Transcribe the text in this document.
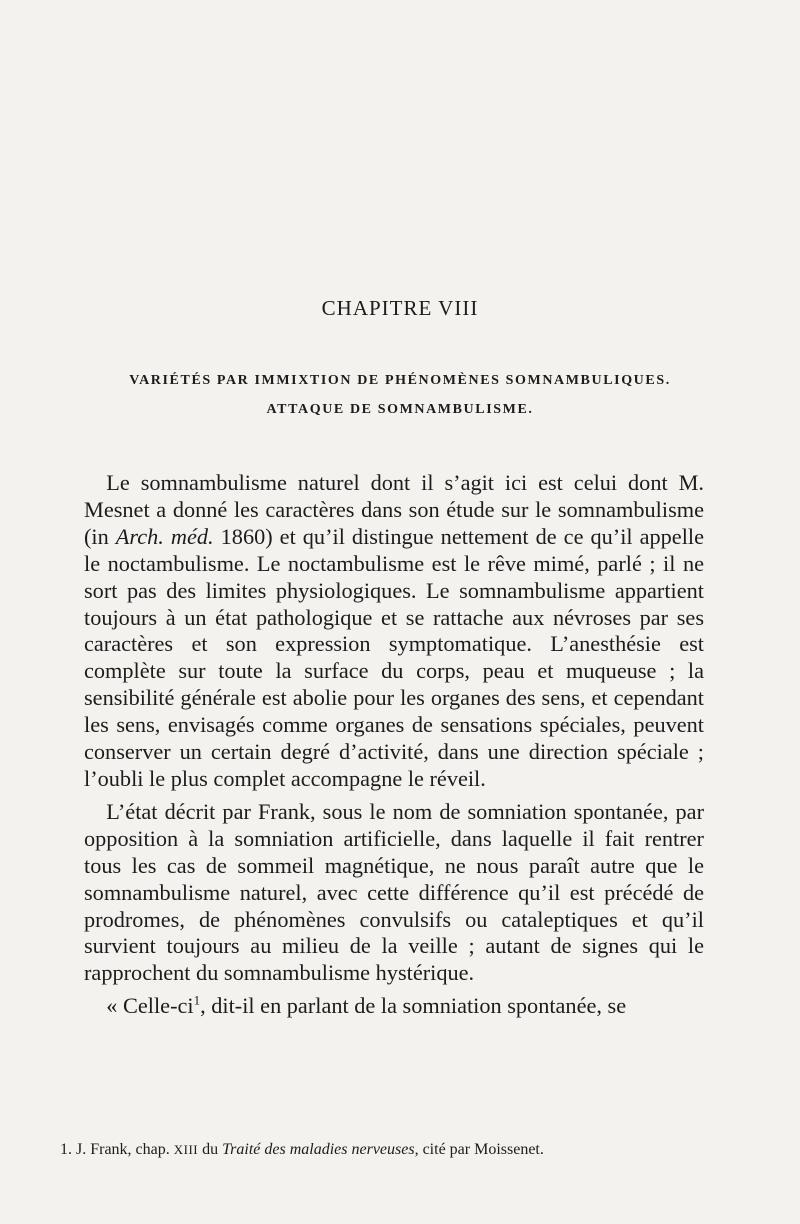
CHAPITRE VIII
VARIÉTÉS PAR IMMIXTION DE PHÉNOMÈNES SOMNAMBULIQUES.
ATTAQUE DE SOMNAMBULISME.

 Le somnambulisme naturel dont il s’agit ici est celui dont M. Mesnet a donné les caractères dans son étude sur le somnambulisme (in Arch. méd. 1860) et qu’il distingue nettement de ce qu’il appelle le noctambulisme. Le noctambulisme est le rêve mimé, parlé ; il ne sort pas des limites physiologiques. Le somnambulisme appartient toujours à un état pathologique et se rattache aux névroses par ses caractères et son expression symptomatique. L’anesthésie est complète sur toute la surface du corps, peau et muqueuse ; la sensibilité générale est abolie pour les organes des sens, et cependant les sens, envisagés comme organes de sensations spéciales, peuvent conserver un certain degré d’activité, dans une direction spéciale ; l’oubli le plus complet accompagne le réveil.

 L’état décrit par Frank, sous le nom de somniation spontanée, par opposition à la somniation artificielle, dans laquelle il fait rentrer tous les cas de sommeil magnétique, ne nous paraît autre que le somnambulisme naturel, avec cette différence qu’il est précédé de prodromes, de phénomènes convulsifs ou cataleptiques et qu’il survient toujours au milieu de la veille ; autant de signes qui le rapprochent du somnambulisme hystérique.

 « Celle-$ci^1$, dit-il en parlant de la somniation spontanée, se

1. J. Frank, chap. XIII du Traité des maladies nerveuses, cité par Moissenet.
